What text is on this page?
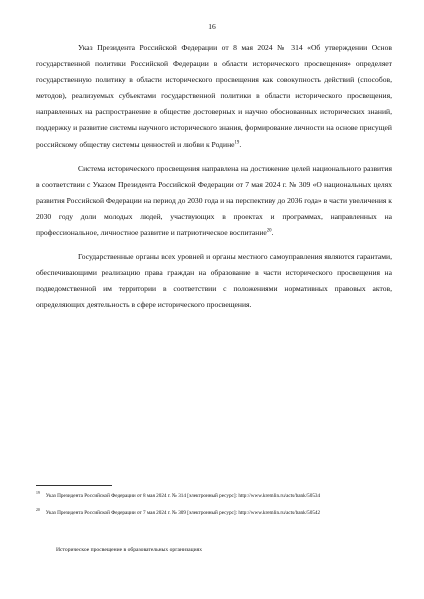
16

Указ Президента Российской Федерации от 8 мая 2024 № 314 «Об утверждении Основ государственной политики Российской Федерации в области исторического просвещения» определяет государственную политику в области исторического просвещения как совокупность действий (способов, методов), реализуемых субъектами государственной политики в области исторического просвещения, направленных на распространение в обществе достоверных и научно обоснованных исторических знаний, поддержку и развитие системы научного исторического знания, формирование личности на основе присущей российскому обществу системы ценностей и любви к Родине$^{19}$.

Система исторического просвещения направлена на достижение целей национального развития в соответствии с Указом Президента Российской Федерации от 7 мая 2024 г. № 309 «О национальных целях развития Российской Федерации на период до 2030 года и на перспективу до 2036 года» в части увеличения к 2030 году доли молодых людей, участвующих в проектах и программах, направленных на профессиональное, личностное развитие и патриотическое воспитание$^{20}$.

Государственные органы всех уровней и органы местного самоуправления являются гарантами, обеспечивающими реализацию права граждан на образование в части исторического просвещения на подведомственной им территории в соответствии с положениями нормативных правовых актов, определяющих деятельность в сфере исторического просвещения.

$^{19}$ Указ Президента Российской Федерации от 8 мая 2024 г. № 314 [электронный ресурс]: http://www.kremlin.ru/acts/bank/50534
$^{20}$ Указ Президента Российской Федерации от 7 мая 2024 г. № 309 [электронный ресурс]: http://www.kremlin.ru/acts/bank/50542
Историческое просвещение в образовательных организациях
